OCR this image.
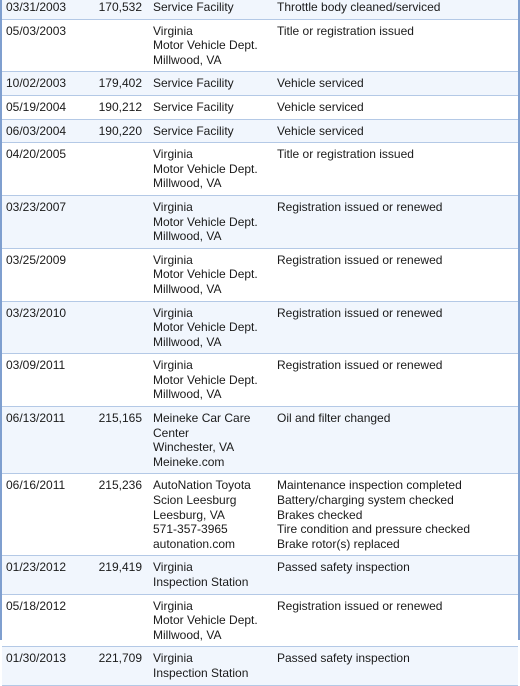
03/31/2003	170,532	Service Facility	Throttle body cleaned/serviced

05/03/2003		Virginia
Motor Vehicle Dept.
Millwood, VA	Title or registration issued

10/02/2003	179,402	Service Facility	Vehicle serviced

05/19/2004	190,212	Service Facility	Vehicle serviced

06/03/2004	190,220	Service Facility	Vehicle serviced

04/20/2005		Virginia
Motor Vehicle Dept.
Millwood, VA	Title or registration issued

03/23/2007		Virginia
Motor Vehicle Dept.
Millwood, VA	Registration issued or renewed

03/25/2009		Virginia
Motor Vehicle Dept.
Millwood, VA	Registration issued or renewed

03/23/2010		Virginia
Motor Vehicle Dept.
Millwood, VA	Registration issued or renewed

03/09/2011		Virginia
Motor Vehicle Dept.
Millwood, VA	Registration issued or renewed

06/13/2011	215,165	Meineke Car Care
Center
Winchester, VA
Meineke.com	Oil and filter changed

06/16/2011	215,236	AutoNation Toyota
Scion Leesburg
Leesburg, VA
571-357-3965
autonation.com	Maintenance inspection completed
Battery/charging system checked
Brakes checked
Tire condition and pressure checked
Brake rotor(s) replaced

01/23/2012	219,419	Virginia
Inspection Station	Passed safety inspection

05/18/2012		Virginia
Motor Vehicle Dept.
Millwood, VA	Registration issued or renewed

01/30/2013	221,709	Virginia
Inspection Station	Passed safety inspection
